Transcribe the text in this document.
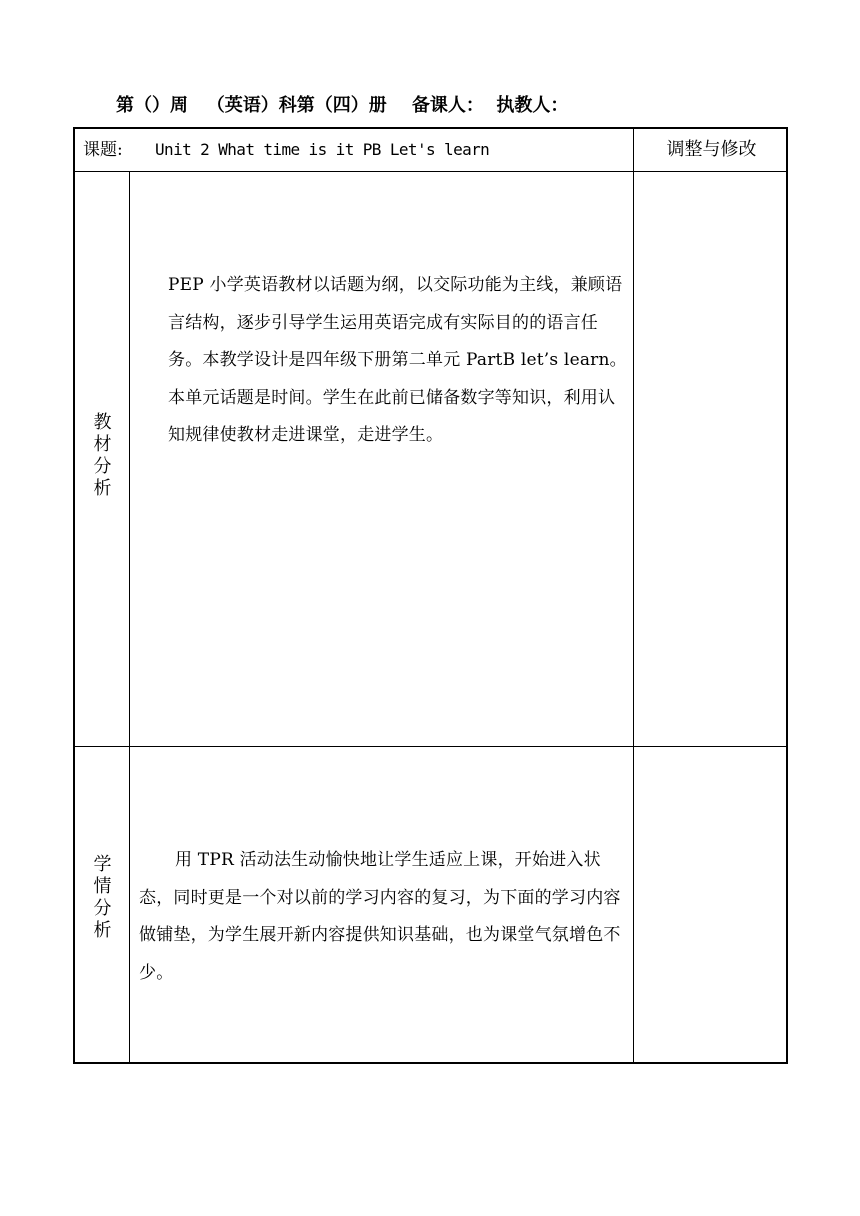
第（）周   （英语）科第（四）册    备课人：  执教人：
课题: Unit 2 What time is it PB Let's learn	调整与修改
教
材
分
析
PEP 小学英语教材以话题为纲，以交际功能为主线，兼顾语言结构，逐步引导学生运用英语完成有实际目的的语言任务。本教学设计是四年级下册第二单元 PartB let’s learn。本单元话题是时间。学生在此前已储备数字等知识，利用认知规律使教材走进课堂，走进学生。
学
情
分
析
用 TPR 活动法生动愉快地让学生适应上课，开始进入状态，同时更是一个对以前的学习内容的复习，为下面的学习内容做铺垫，为学生展开新内容提供知识基础，也为课堂气氛增色不少。
